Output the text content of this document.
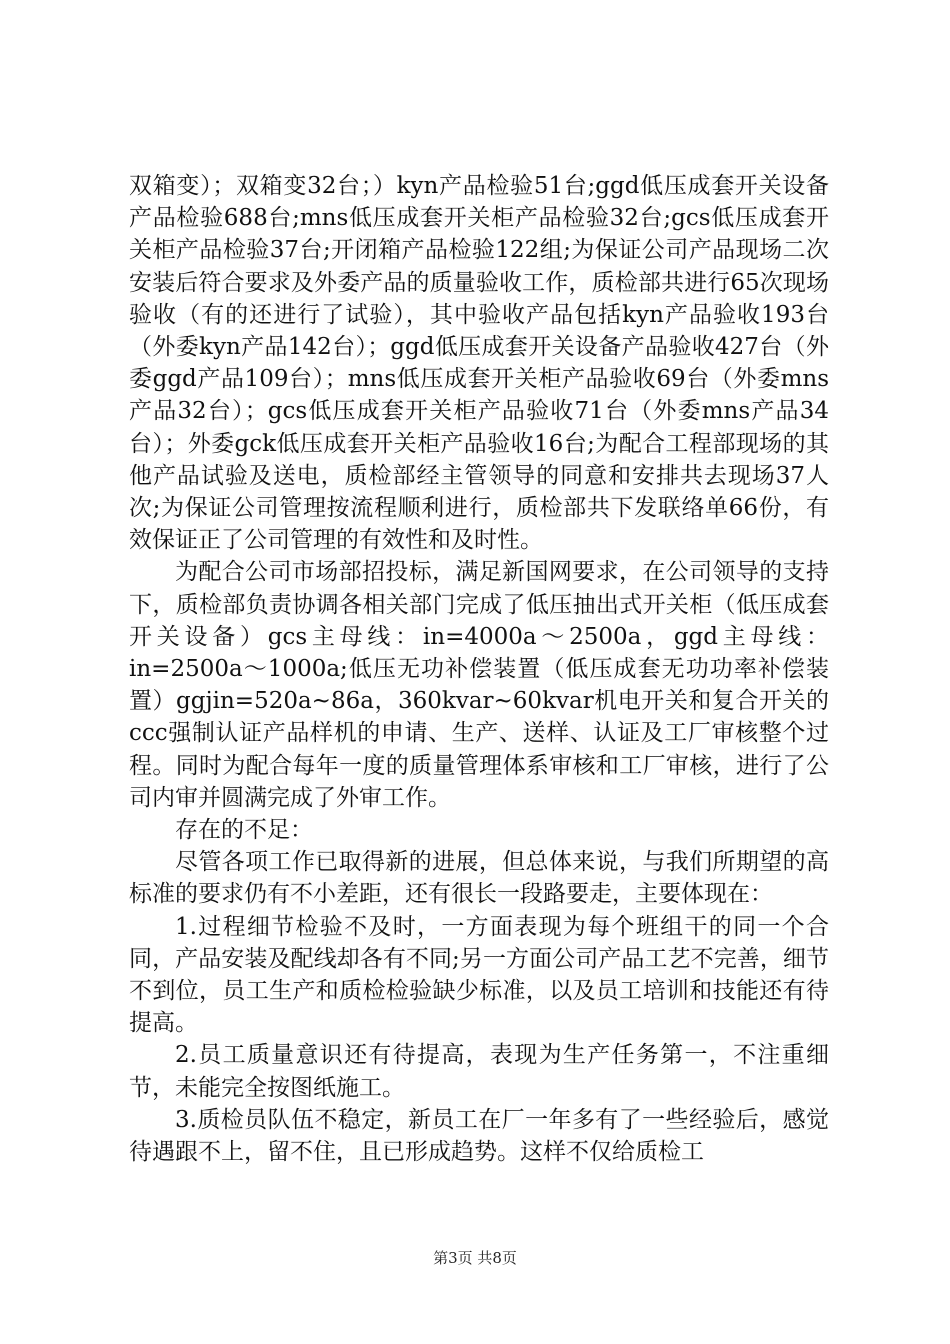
双箱变）；双箱变32台；）kyn产品检验51台;ggd低压成套开关设备产品检验688台;mns低压成套开关柜产品检验32台;gcs低压成套开关柜产品检验37台;开闭箱产品检验122组;为保证公司产品现场二次安装后符合要求及外委产品的质量验收工作，质检部共进行65次现场验收（有的还进行了试验），其中验收产品包括kyn产品验收193台（外委kyn产品142台）；ggd低压成套开关设备产品验收427台（外委ggd产品109台）；mns低压成套开关柜产品验收69台（外委mns产品32台）；gcs低压成套开关柜产品验收71台（外委mns产品34台）；外委gck低压成套开关柜产品验收16台;为配合工程部现场的其他产品试验及送电，质检部经主管领导的同意和安排共去现场37人次;为保证公司管理按流程顺利进行，质检部共下发联络单66份，有效保证正了公司管理的有效性和及时性。

为配合公司市场部招投标，满足新国网要求，在公司领导的支持下，质检部负责协调各相关部门完成了低压抽出式开关柜（低压成套开关设备）gcs主母线：in=4000a～2500a，ggd主母线：in=2500a～1000a;低压无功补偿装置（低压成套无功功率补偿装置）ggjin=520a~86a，360kvar~60kvar机电开关和复合开关的ccc强制认证产品样机的申请、生产、送样、认证及工厂审核整个过程。同时为配合每年一度的质量管理体系审核和工厂审核，进行了公司内审并圆满完成了外审工作。

存在的不足：

尽管各项工作已取得新的进展，但总体来说，与我们所期望的高标准的要求仍有不小差距，还有很长一段路要走，主要体现在：

1.过程细节检验不及时，一方面表现为每个班组干的同一个合同，产品安装及配线却各有不同;另一方面公司产品工艺不完善，细节不到位，员工生产和质检检验缺少标准，以及员工培训和技能还有待提高。

2.员工质量意识还有待提高，表现为生产任务第一，不注重细节，未能完全按图纸施工。

3.质检员队伍不稳定，新员工在厂一年多有了一些经验后，感觉待遇跟不上，留不住，且已形成趋势。这样不仅给质检工

第3页 共8页
